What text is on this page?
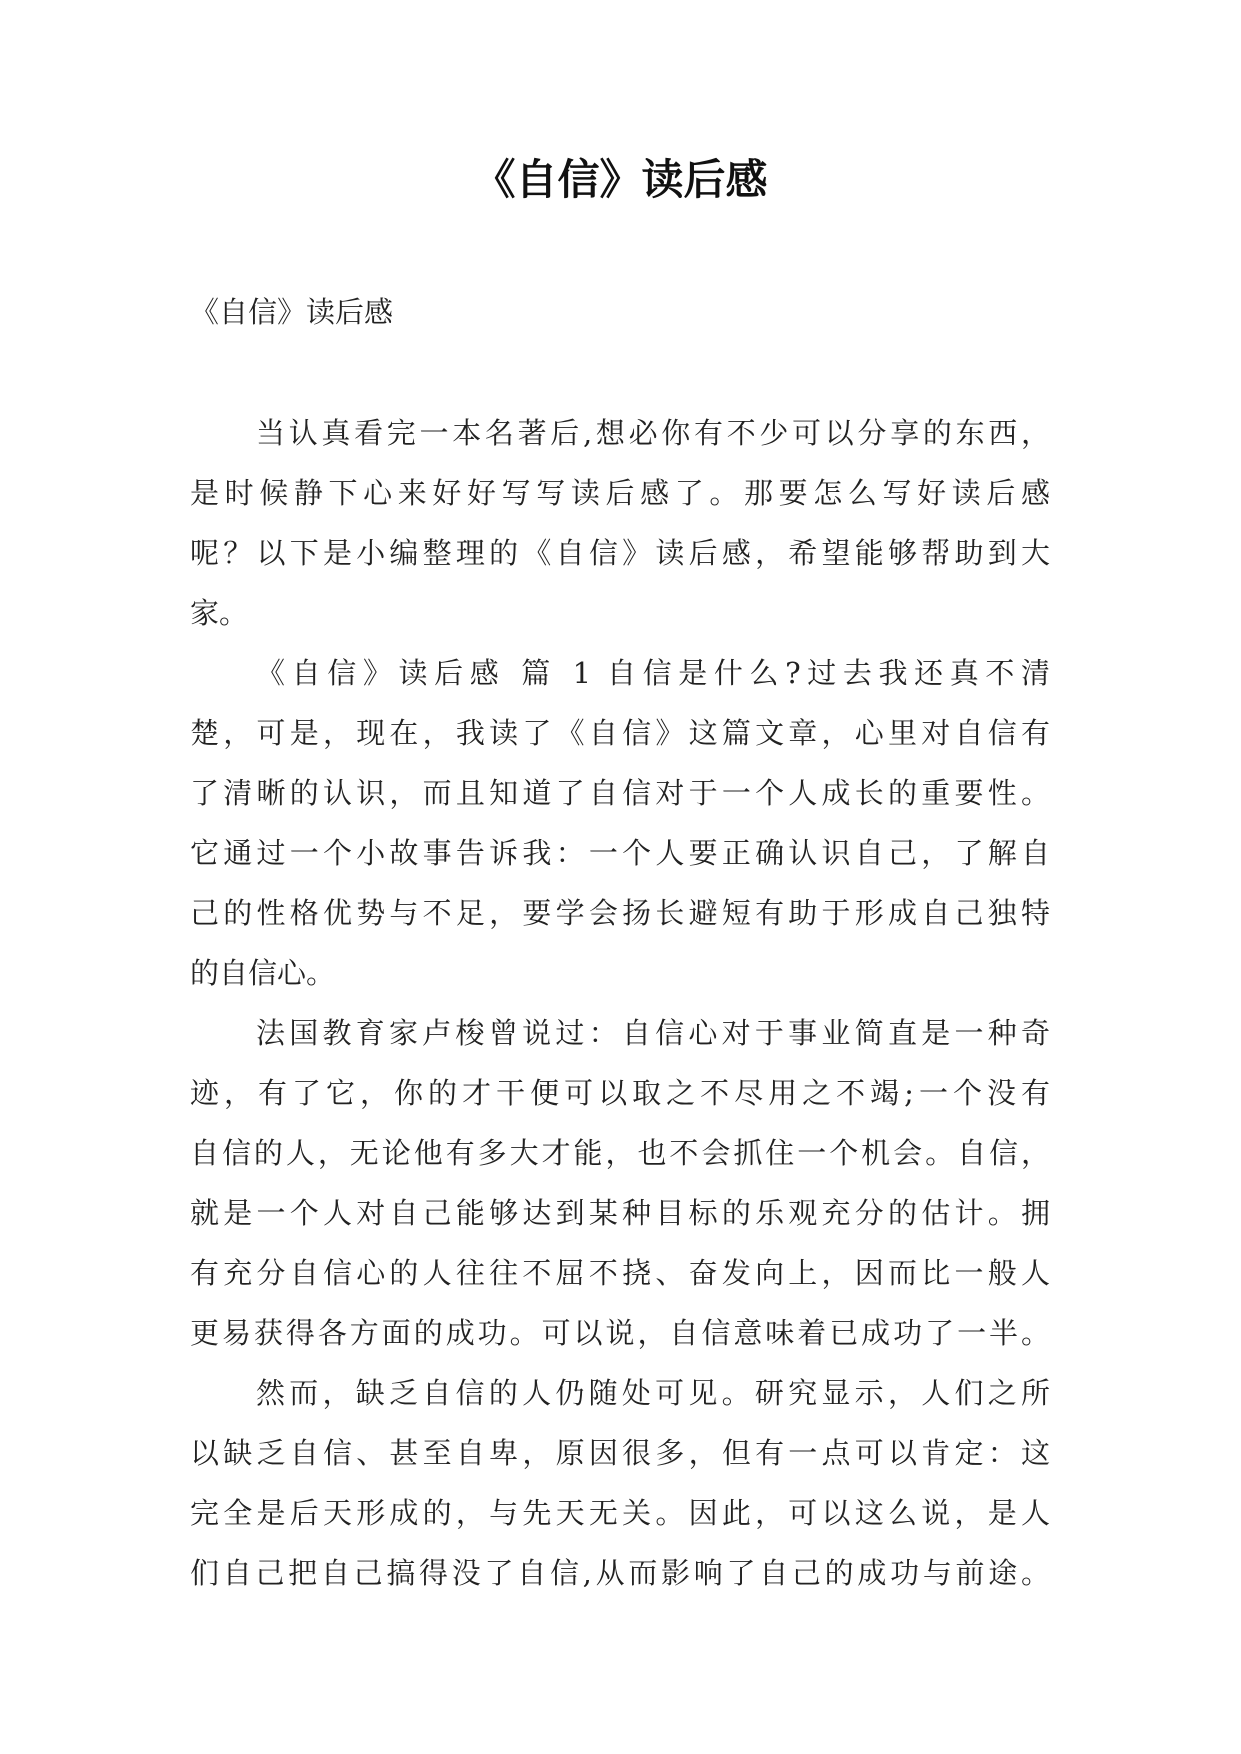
《自信》读后感

《自信》读后感

当认真看完一本名著后,想必你有不少可以分享的东西，
是时候静下心来好好写写读后感了。那要怎么写好读后感
呢？以下是小编整理的《自信》读后感，希望能够帮助到大
家。
《自信》读后感 篇 1 自信是什么?过去我还真不清
楚，可是，现在，我读了《自信》这篇文章，心里对自信有
了清晰的认识，而且知道了自信对于一个人成长的重要性。
它通过一个小故事告诉我：一个人要正确认识自己，了解自
己的性格优势与不足，要学会扬长避短有助于形成自己独特
的自信心。
法国教育家卢梭曾说过：自信心对于事业简直是一种奇
迹，有了它，你的才干便可以取之不尽用之不竭;一个没有
自信的人，无论他有多大才能，也不会抓住一个机会。自信，
就是一个人对自己能够达到某种目标的乐观充分的估计。拥
有充分自信心的人往往不屈不挠、奋发向上，因而比一般人
更易获得各方面的成功。可以说，自信意味着已成功了一半。
然而，缺乏自信的人仍随处可见。研究显示，人们之所
以缺乏自信、甚至自卑，原因很多，但有一点可以肯定：这
完全是后天形成的，与先天无关。因此，可以这么说，是人
们自己把自己搞得没了自信,从而影响了自己的成功与前途。
